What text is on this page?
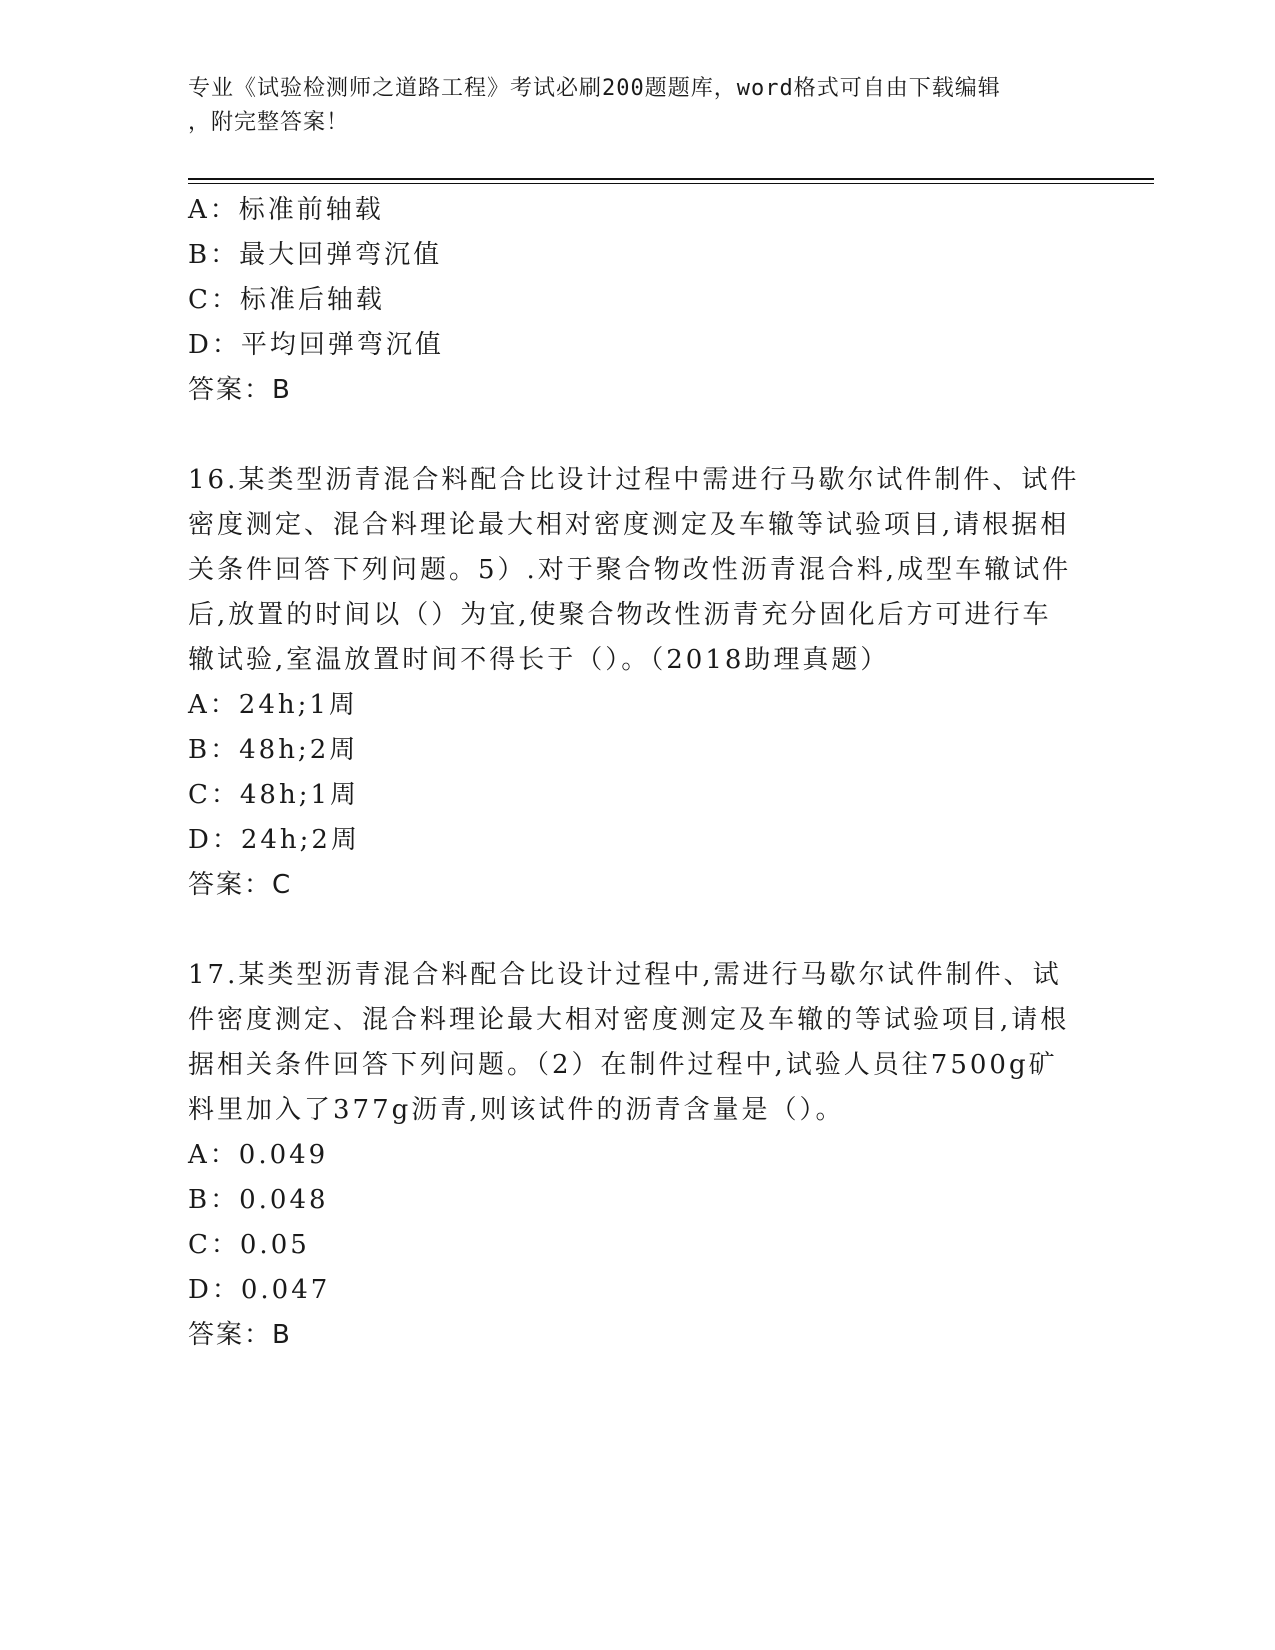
专业《试验检测师之道路工程》考试必刷200题题库，word格式可自由下载编辑
，附完整答案！
A：标准前轴载
B：最大回弹弯沉值
C：标准后轴载
D：平均回弹弯沉值
答案：B
16.某类型沥青混合料配合比设计过程中需进行马歇尔试件制件、试件
密度测定、混合料理论最大相对密度测定及车辙等试验项目,请根据相
关条件回答下列问题。5）.对于聚合物改性沥青混合料,成型车辙试件
后,放置的时间以（）为宜,使聚合物改性沥青充分固化后方可进行车
辙试验,室温放置时间不得长于（）。（2018助理真题）
A：24h;1周
B：48h;2周
C：48h;1周
D：24h;2周
答案：C
17.某类型沥青混合料配合比设计过程中,需进行马歇尔试件制件、试
件密度测定、混合料理论最大相对密度测定及车辙的等试验项目,请根
据相关条件回答下列问题。（2）在制件过程中,试验人员往7500g矿
料里加入了377g沥青,则该试件的沥青含量是（）。
A：0.049
B：0.048
C：0.05
D：0.047
答案：B
